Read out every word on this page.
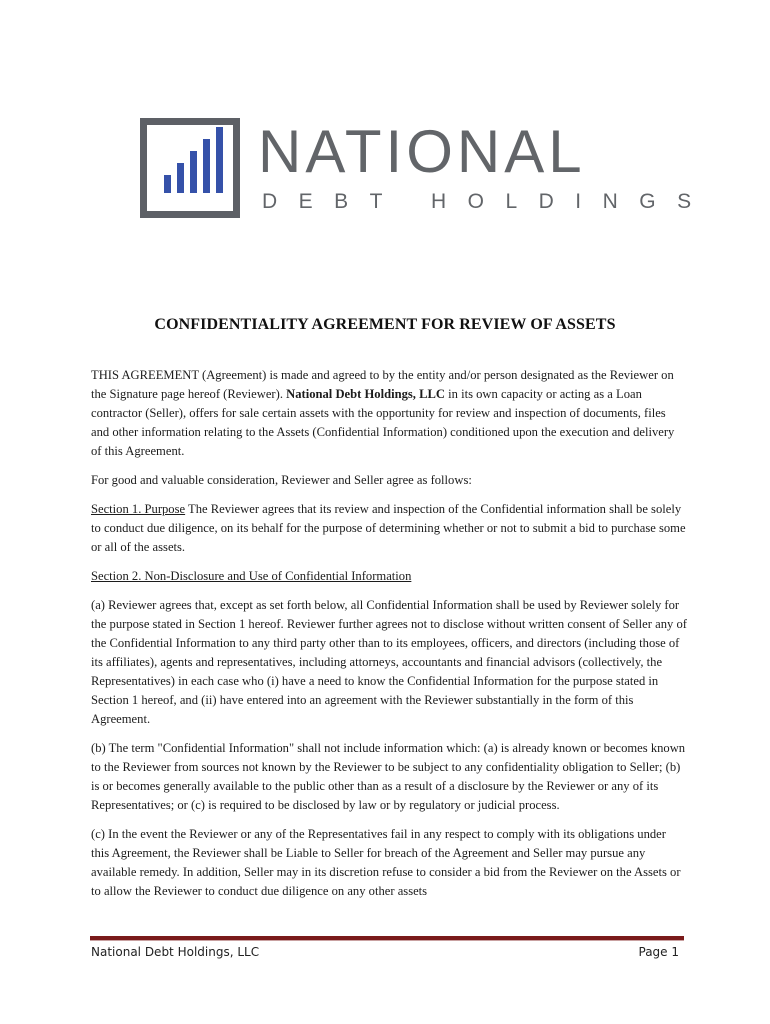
NATIONAL
DEBT HOLDINGS
CONFIDENTIALITY AGREEMENT FOR REVIEW OF ASSETS

THIS AGREEMENT (Agreement) is made and agreed to by the entity and/or person designated as the Reviewer on the Signature page hereof (Reviewer). National Debt Holdings, LLC in its own capacity or acting as a Loan contractor (Seller), offers for sale certain assets with the opportunity for review and inspection of documents, files and other information relating to the Assets (Confidential Information) conditioned upon the execution and delivery of this Agreement.

For good and valuable consideration, Reviewer and Seller agree as follows:

Section 1. Purpose The Reviewer agrees that its review and inspection of the Confidential information shall be solely to conduct due diligence, on its behalf for the purpose of determining whether or not to submit a bid to purchase some or all of the assets.

Section 2. Non-Disclosure and Use of Confidential Information

(a) Reviewer agrees that, except as set forth below, all Confidential Information shall be used by Reviewer solely for the purpose stated in Section 1 hereof. Reviewer further agrees not to disclose without written consent of Seller any of the Confidential Information to any third party other than to its employees, officers, and directors (including those of its affiliates), agents and representatives, including attorneys, accountants and financial advisors (collectively, the Representatives) in each case who (i) have a need to know the Confidential Information for the purpose stated in Section 1 hereof, and (ii) have entered into an agreement with the Reviewer substantially in the form of this Agreement.

(b) The term "Confidential Information" shall not include information which: (a) is already known or becomes known to the Reviewer from sources not known by the Reviewer to be subject to any confidentiality obligation to Seller; (b) is or becomes generally available to the public other than as a result of a disclosure by the Reviewer or any of its Representatives; or (c) is required to be disclosed by law or by regulatory or judicial process.

(c) In the event the Reviewer or any of the Representatives fail in any respect to comply with its obligations under this Agreement, the Reviewer shall be Liable to Seller for breach of the Agreement and Seller may pursue any available remedy. In addition, Seller may in its discretion refuse to consider a bid from the Reviewer on the Assets or to allow the Reviewer to conduct due diligence on any other assets

National Debt Holdings, LLC	Page 1
